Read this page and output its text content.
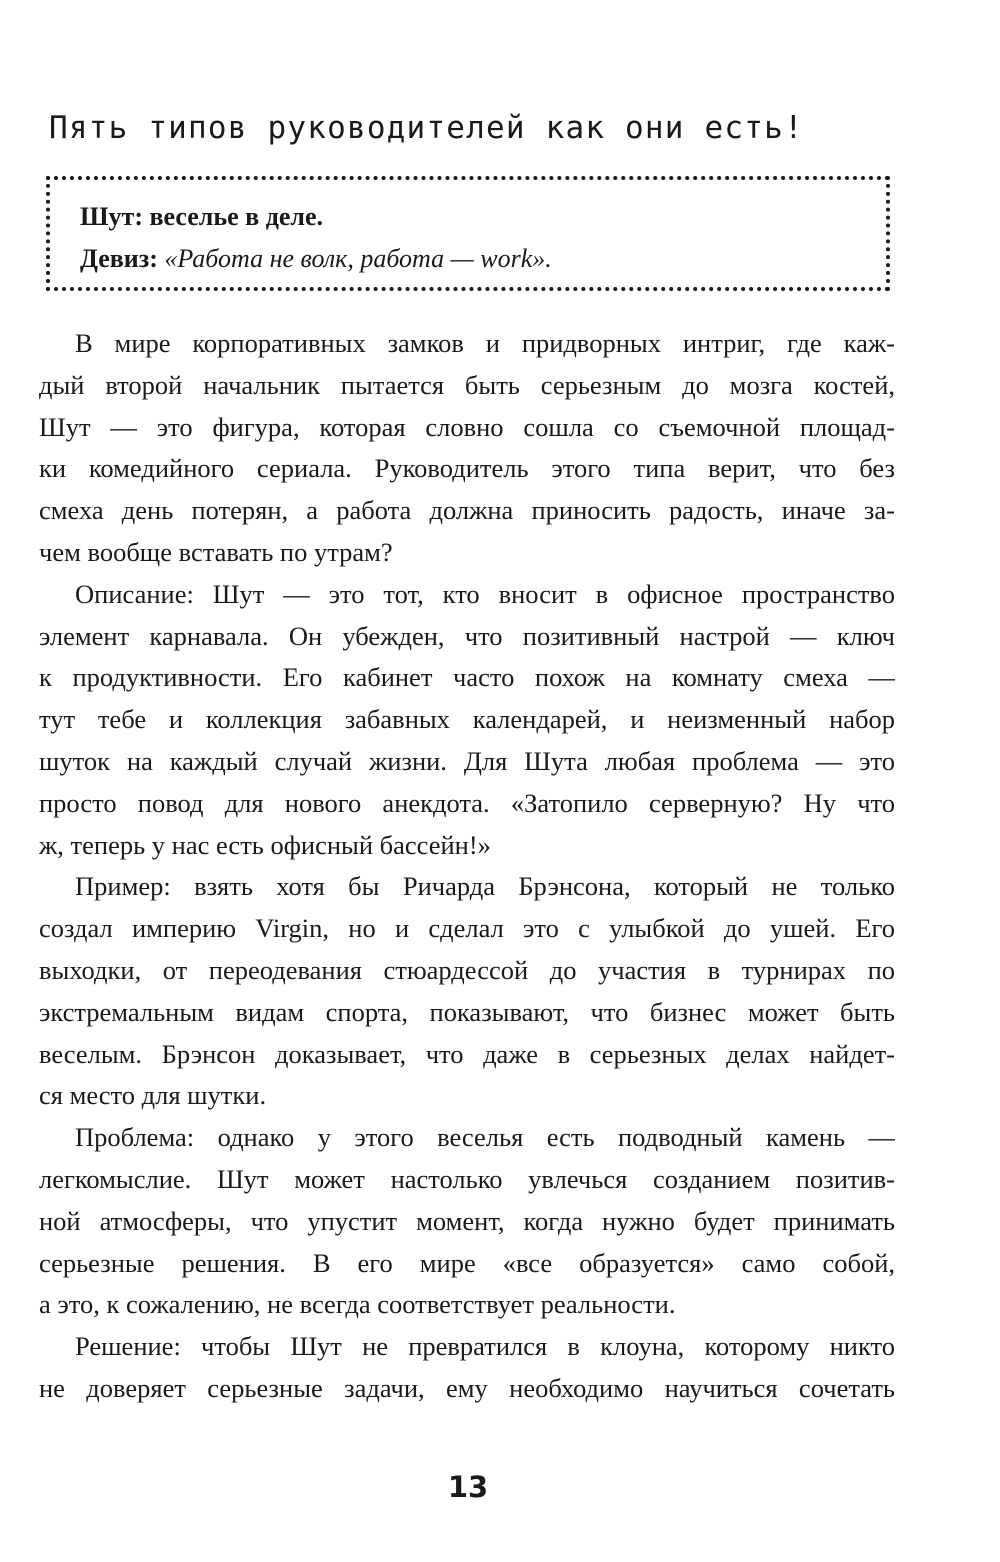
Пять типов руководителей как они есть!
Шут: веселье в деле.
Девиз: «Работа не волк, работа — work».
В мире корпоративных замков и придворных интриг, где каж-
дый второй начальник пытается быть серьезным до мозга костей,
Шут — это фигура, которая словно сошла со съемочной площад-
ки комедийного сериала. Руководитель этого типа верит, что без
смеха день потерян, а работа должна приносить радость, иначе за-
чем вообще вставать по утрам?
Описание: Шут — это тот, кто вносит в офисное пространство
элемент карнавала. Он убежден, что позитивный настрой — ключ
к продуктивности. Его кабинет часто похож на комнату смеха —
тут тебе и коллекция забавных календарей, и неизменный набор
шуток на каждый случай жизни. Для Шута любая проблема — это
просто повод для нового анекдота. «Затопило серверную? Ну что
ж, теперь у нас есть офисный бассейн!»
Пример: взять хотя бы Ричарда Брэнсона, который не только
создал империю Virgin, но и сделал это с улыбкой до ушей. Его
выходки, от переодевания стюардессой до участия в турнирах по
экстремальным видам спорта, показывают, что бизнес может быть
веселым. Брэнсон доказывает, что даже в серьезных делах найдет-
ся место для шутки.
Проблема: однако у этого веселья есть подводный камень —
легкомыслие. Шут может настолько увлечься созданием позитив-
ной атмосферы, что упустит момент, когда нужно будет принимать
серьезные решения. В его мире «все образуется» само собой,
а это, к сожалению, не всегда соответствует реальности.
Решение: чтобы Шут не превратился в клоуна, которому никто
не доверяет серьезные задачи, ему необходимо научиться сочетать
13
